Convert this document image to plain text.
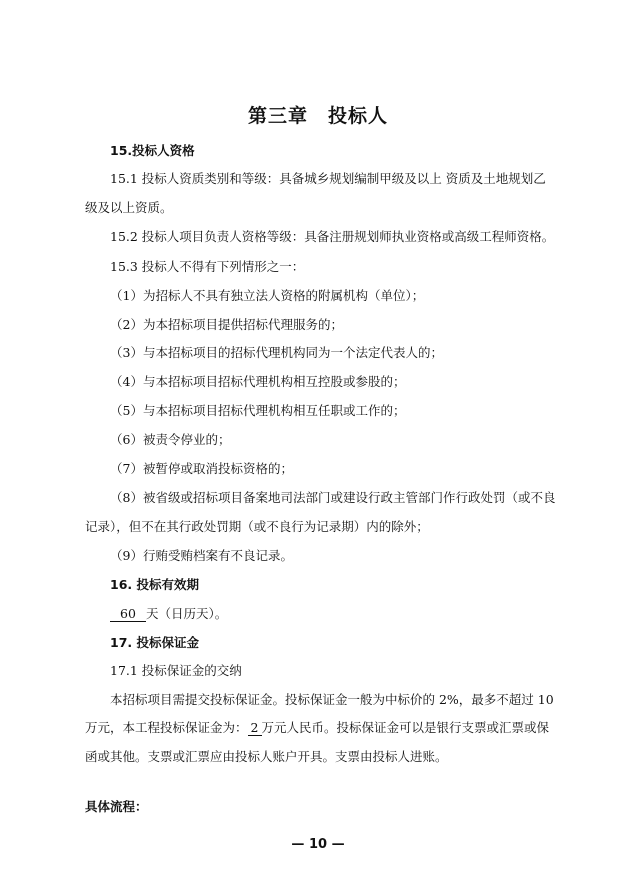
第三章　投标人
15.投标人资格
15.1 投标人资质类别和等级：具备城乡规划编制甲级及以上 资质及土地规划乙
级及以上资质。
15.2 投标人项目负责人资格等级：具备注册规划师执业资格或高级工程师资格。
15.3 投标人不得有下列情形之一：
（1）为招标人不具有独立法人资格的附属机构（单位）；
（2）为本招标项目提供招标代理服务的；
（3）与本招标项目的招标代理机构同为一个法定代表人的；
（4）与本招标项目招标代理机构相互控股或参股的；
（5）与本招标项目招标代理机构相互任职或工作的；
（6）被责令停业的；
（7）被暂停或取消投标资格的；
（8）被省级或招标项目备案地司法部门或建设行政主管部门作行政处罚（或不良
记录），但不在其行政处罚期（或不良行为记录期）内的除外；
（9）行贿受贿档案有不良记录。
16. 投标有效期
60 天（日历天）。
17. 投标保证金
17.1 投标保证金的交纳
本招标项目需提交投标保证金。投标保证金一般为中标价的 2%，最多不超过 10
万元，本工程投标保证金为： 2 万元人民币。投标保证金可以是银行支票或汇票或保
函或其他。支票或汇票应由投标人账户开具。支票由投标人进账。
具体流程：
— 10 —
